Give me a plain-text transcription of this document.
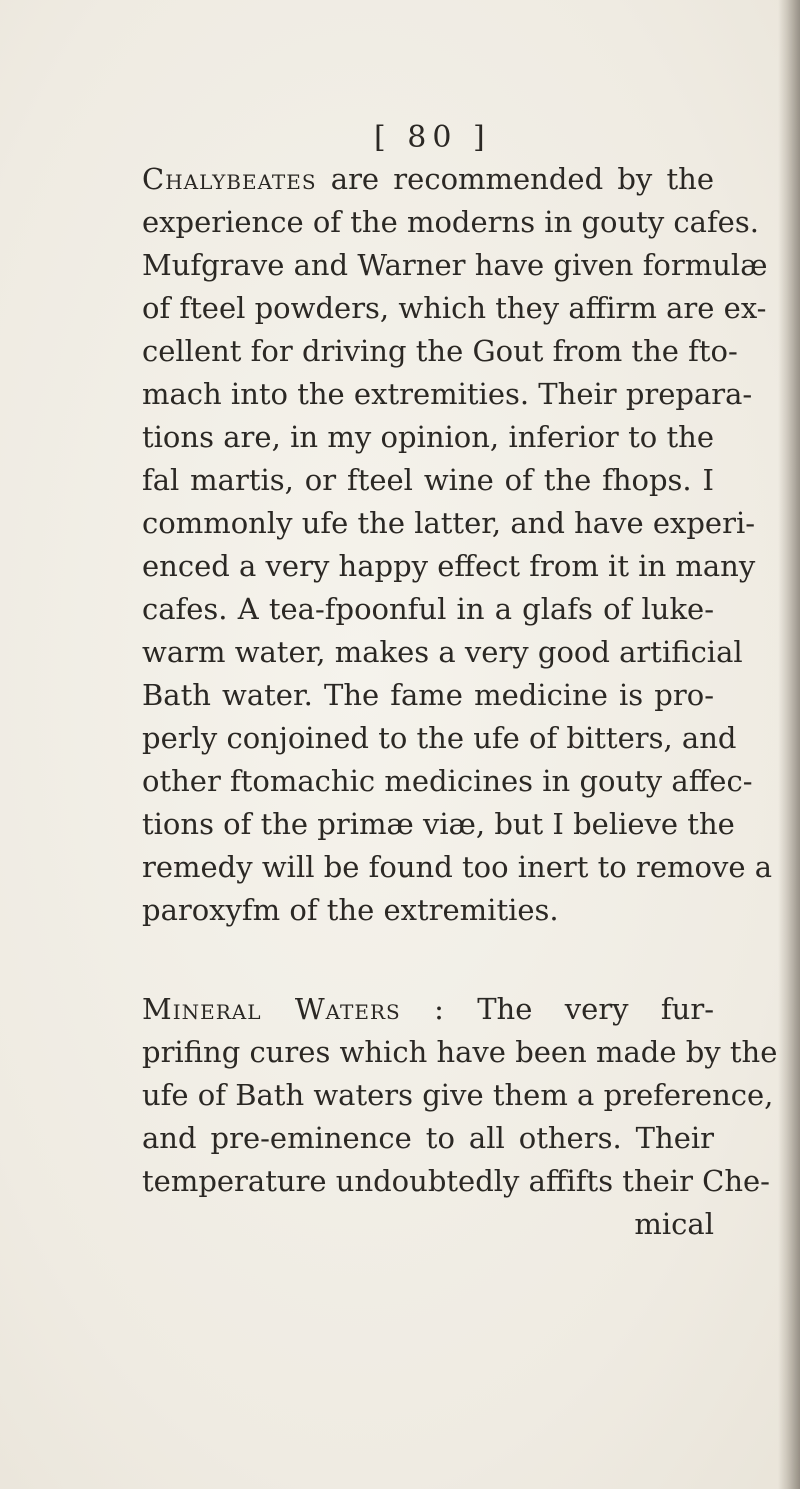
[ 80 ]
Chalybeates are recommended by the
experience of the moderns in gouty cafes.
Mufgrave and Warner have given formulæ
of fteel powders, which they affirm are ex-
cellent for driving the Gout from the fto-
mach into the extremities. Their prepara-
tions are, in my opinion, inferior to the
fal martis, or fteel wine of the fhops. I
commonly ufe the latter, and have experi-
enced a very happy effect from it in many
cafes. A tea-fpoonful in a glafs of luke-
warm water, makes a very good artificial
Bath water. The fame medicine is pro-
perly conjoined to the ufe of bitters, and
other ftomachic medicines in gouty affec-
tions of the primæ viæ, but I believe the
remedy will be found too inert to remove a
paroxyfm of the extremities.
Mineral Waters : The very fur-
prifing cures which have been made by the
ufe of Bath waters give them a preference,
and pre-eminence to all others. Their
temperature undoubtedly affifts their Che-
mical
